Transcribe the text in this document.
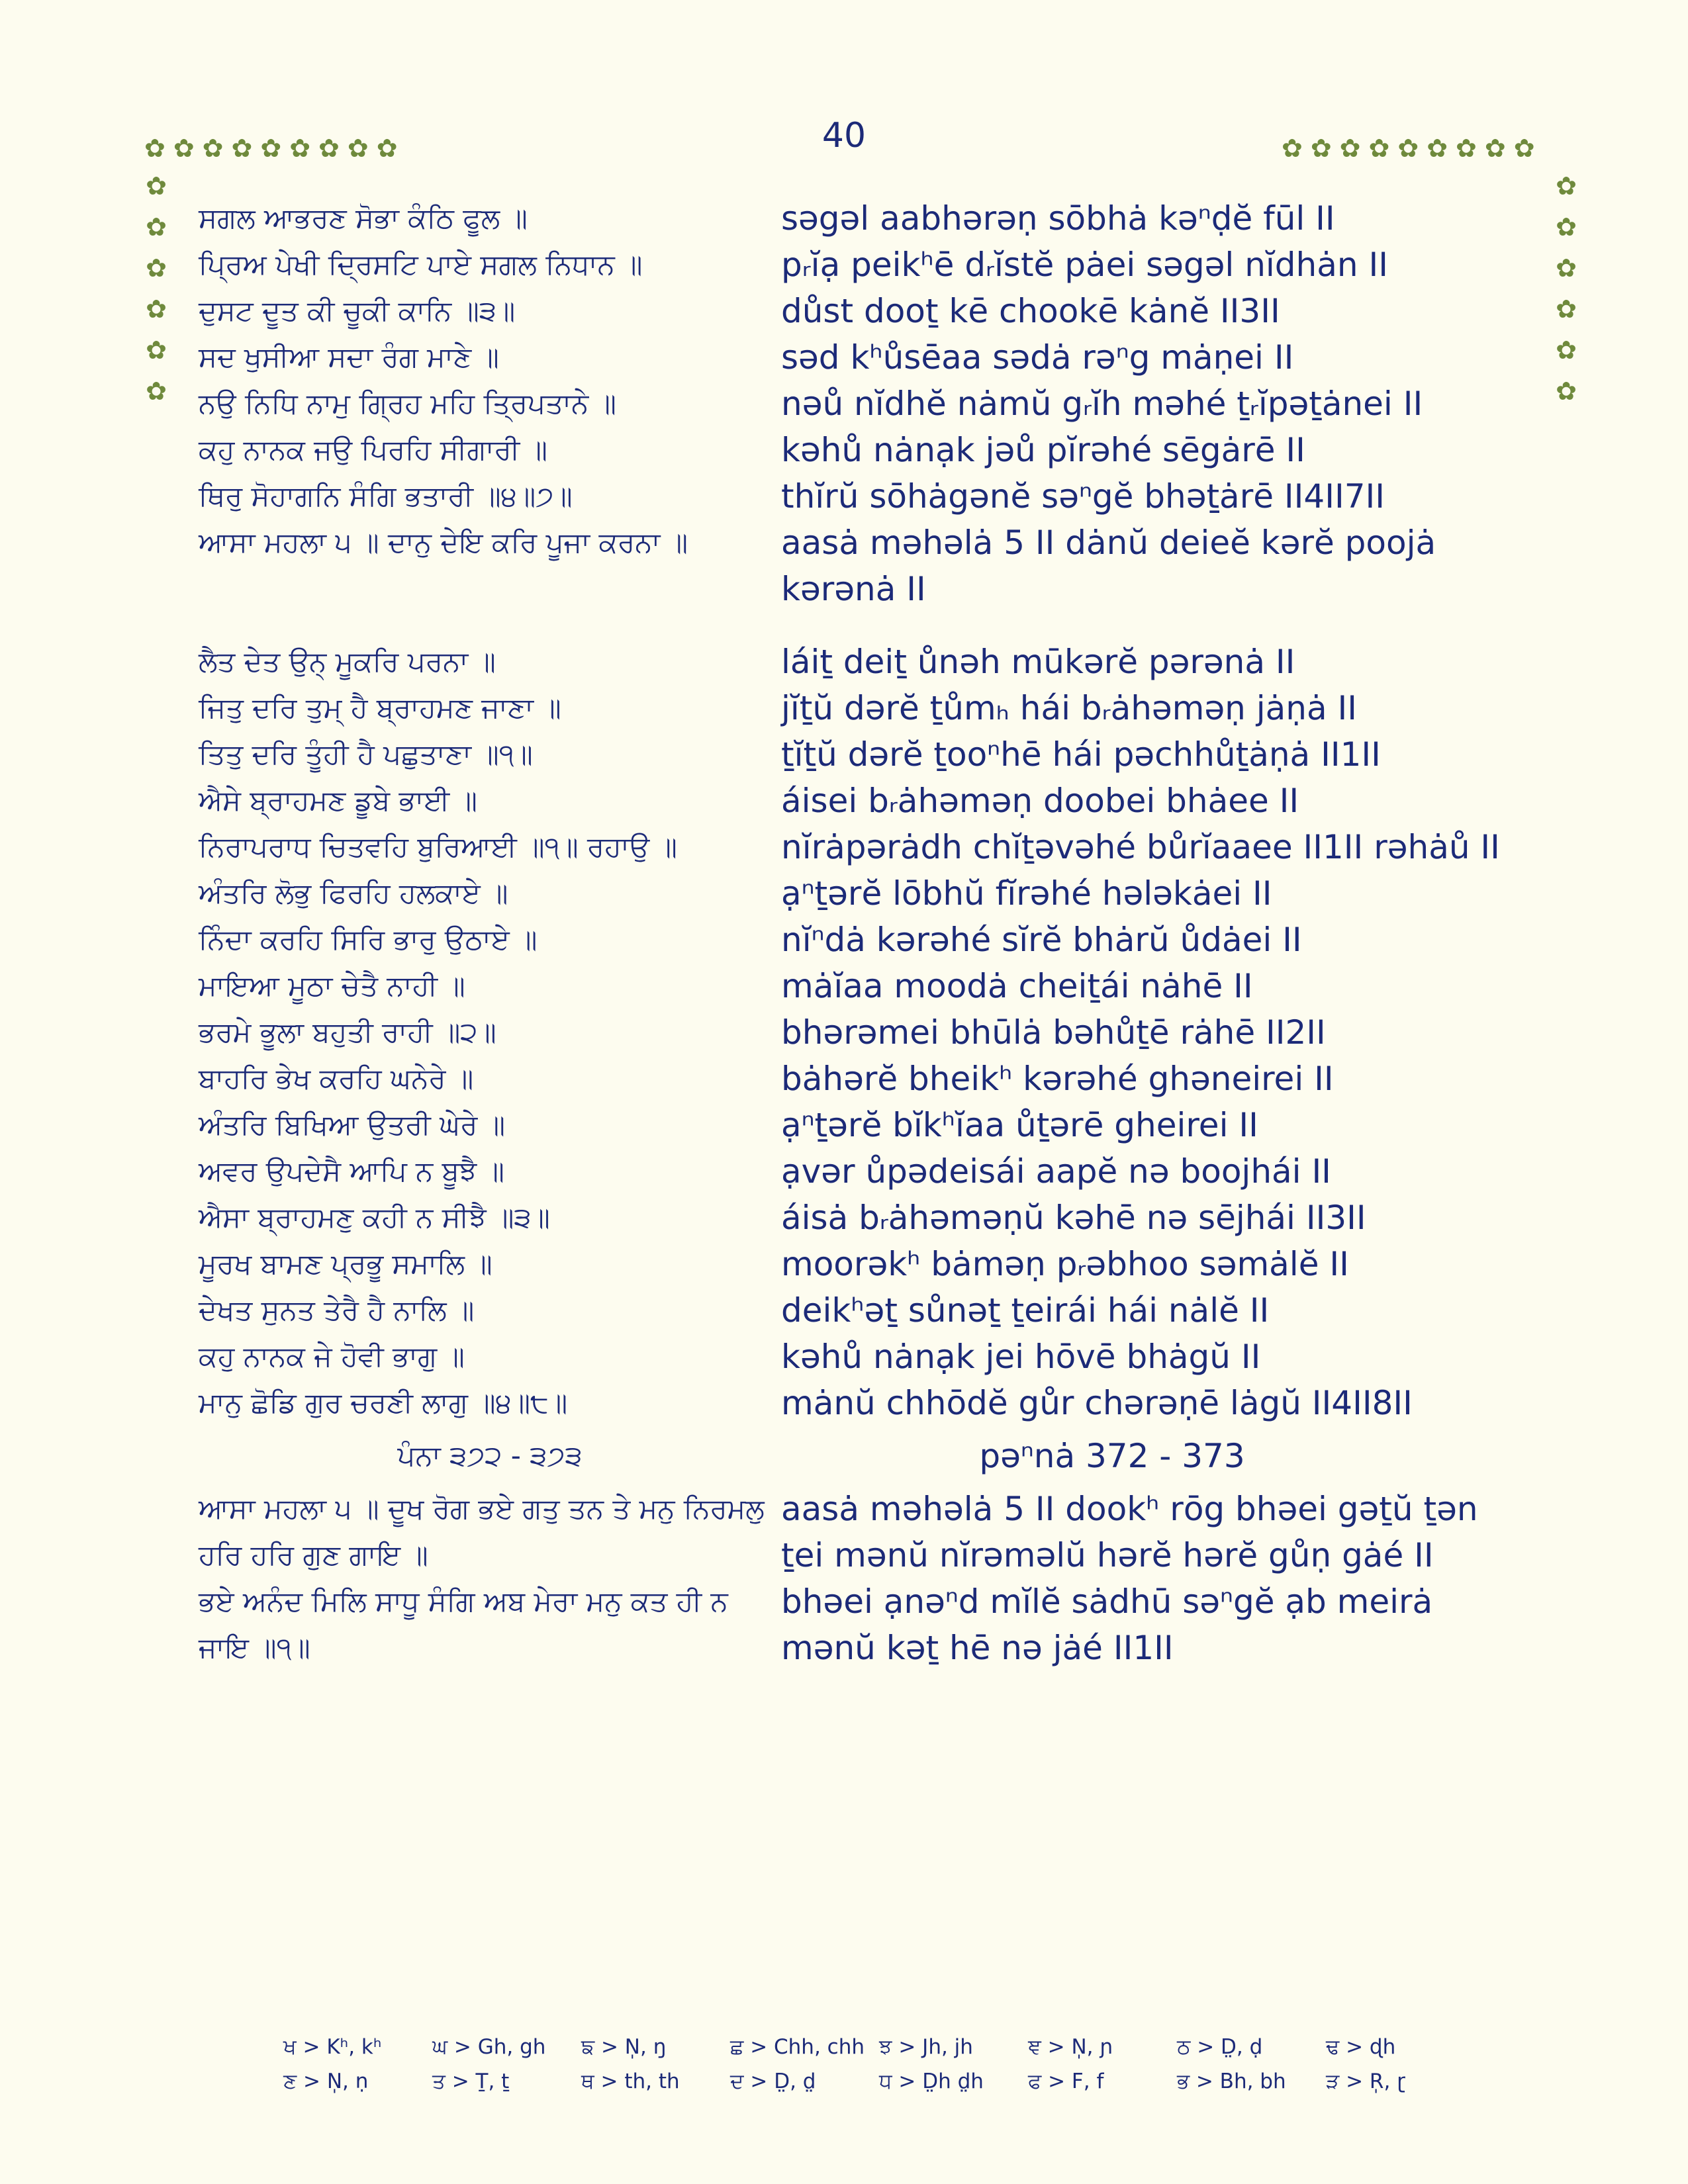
40
✿✿✿✿✿✿✿✿✿	✿✿✿✿✿✿✿✿✿
✿
✿
✿
✿
✿
✿
✿
✿
✿
✿
✿
✿
ਸਗਲ ਆਭਰਣ ਸੋਭਾ ਕੰਠਿ ਫੂਲ ॥	səgəl aabhərəṇ sōbhȧ kəⁿḍĕ fūl II
ਪ੍ਰਿਅ ਪੇਖੀ ਦ੍ਰਿਸਟਿ ਪਾਏ ਸਗਲ ਨਿਧਾਨ ॥	pᵣĭạ peikʰē dᵣĭstĕ pȧei səgəl nĭdhȧn II
ਦੁਸਟ ਦੂਤ ਕੀ ਚੂਕੀ ਕਾਨਿ ॥੩॥	důst dooṯ kē chookē kȧnĕ II3II
ਸਦ ਖੁਸੀਆ ਸਦਾ ਰੰਗ ਮਾਣੇ ॥	səd kʰůsēaa sədȧ rəⁿg mȧṇei II
ਨਉ ਨਿਧਿ ਨਾਮੁ ਗ੍ਰਿਹ ਮਹਿ ਤ੍ਰਿਪਤਾਨੇ ॥	nəů nĭdhĕ nȧmŭ gᵣĭh məhé ṯᵣĭpəṯȧnei II
ਕਹੁ ਨਾਨਕ ਜਉ ਪਿਰਹਿ ਸੀਗਾਰੀ ॥	kəhů nȧnạk jəů pĭrəhé sēgȧrē II
ਥਿਰੁ ਸੋਹਾਗਨਿ ਸੰਗਿ ਭਤਾਰੀ ॥੪॥੭॥	thĭrŭ sōhȧgənĕ səⁿgĕ bhəṯȧrē II4II7II
ਆਸਾ ਮਹਲਾ ੫ ॥ ਦਾਨੁ ਦੇਇ ਕਰਿ ਪੂਜਾ ਕਰਨਾ ॥	aasȧ məhəlȧ 5 II dȧnŭ deieĕ kərĕ poojȧ kərənȧ II
ਲੈਤ ਦੇਤ ਉਨ੍ ਮੂਕਰਿ ਪਰਨਾ ॥	láiṯ deiṯ ůnəh mūkərĕ pərənȧ II
ਜਿਤੁ ਦਰਿ ਤੁਮ੍ ਹੈ ਬ੍ਰਾਹਮਣ ਜਾਣਾ ॥	jĭṯŭ dərĕ ṯůmₕ hái bᵣȧhəməṇ jȧṇȧ II
ਤਿਤੁ ਦਰਿ ਤੂੰਹੀ ਹੈ ਪਛੁਤਾਣਾ ॥੧॥	ṯĭṯŭ dərĕ ṯooⁿhē hái pəchhůṯȧṇȧ II1II
ਐਸੇ ਬ੍ਰਾਹਮਣ ਡੂਬੇ ਭਾਈ ॥	áisei bᵣȧhəməṇ doobei bhȧee II
ਨਿਰਾਪਰਾਧ ਚਿਤਵਹਿ ਬੁਰਿਆਈ ॥੧॥ ਰਹਾਉ ॥	nĭrȧpərȧdh chĭṯəvəhé bůrĭaaee II1II rəhȧů II
ਅੰਤਰਿ ਲੋਭੁ ਫਿਰਹਿ ਹਲਕਾਏ ॥	ạⁿṯərĕ lōbhŭ fĭrəhé hələkȧei II
ਨਿੰਦਾ ਕਰਹਿ ਸਿਰਿ ਭਾਰੁ ਉਠਾਏ ॥	nĭⁿdȧ kərəhé sĭrĕ bhȧrŭ ůdȧei II
ਮਾਇਆ ਮੂਠਾ ਚੇਤੈ ਨਾਹੀ ॥	mȧĭaa moodȧ cheiṯái nȧhē II
ਭਰਮੇ ਭੂਲਾ ਬਹੁਤੀ ਰਾਹੀ ॥੨॥	bhərəmei bhūlȧ bəhůṯē rȧhē II2II
ਬਾਹਰਿ ਭੇਖ ਕਰਹਿ ਘਨੇਰੇ ॥	bȧhərĕ bheikʰ kərəhé ghəneirei II
ਅੰਤਰਿ ਬਿਖਿਆ ਉਤਰੀ ਘੇਰੇ ॥	ạⁿṯərĕ bĭkʰĭaa ůṯərē gheirei II
ਅਵਰ ਉਪਦੇਸੈ ਆਪਿ ਨ ਬੂਝੈ ॥	ạvər ůpədeisái aapĕ nə boojhái II
ਐਸਾ ਬ੍ਰਾਹਮਣੁ ਕਹੀ ਨ ਸੀਝੈ ॥੩॥	áisȧ bᵣȧhəməṇŭ kəhē nə sējhái II3II
ਮੂਰਖ ਬਾਮਣ ਪ੍ਰਭੂ ਸਮਾਲਿ ॥	moorəkʰ bȧməṇ pᵣəbhoo səmȧlĕ II
ਦੇਖਤ ਸੁਨਤ ਤੇਰੈ ਹੈ ਨਾਲਿ ॥	deikʰəṯ sůnəṯ ṯeirái hái nȧlĕ II
ਕਹੁ ਨਾਨਕ ਜੇ ਹੋਵੀ ਭਾਗੁ ॥	kəhů nȧnạk jei hōvē bhȧgŭ II
ਮਾਨੁ ਛੋਡਿ ਗੁਰ ਚਰਣੀ ਲਾਗੁ ॥੪॥੮॥	mȧnŭ chhōdĕ gůr chərəṇē lȧgŭ II4II8II
ਪੰਨਾ ੩੭੨ - ੩੭੩	pəⁿnȧ 372 - 373
ਆਸਾ ਮਹਲਾ ੫ ॥ ਦੂਖ ਰੋਗ ਭਏ ਗਤੁ ਤਨ ਤੇ ਮਨੁ ਨਿਰਮਲੁ ਹਰਿ ਹਰਿ ਗੁਣ ਗਾਇ ॥
aasȧ məhəlȧ 5 II dookʰ rōg bhəei gəṯŭ ṯən ṯei mənŭ nĭrəməlŭ hərĕ hərĕ gůṇ gȧé II
ਭਏ ਅਨੰਦ ਮਿਲਿ ਸਾਧੂ ਸੰਗਿ ਅਬ ਮੇਰਾ ਮਨੁ ਕਤ ਹੀ ਨ ਜਾਇ ॥੧॥
bhəei ạnəⁿd mĭlĕ sȧdhū səⁿgĕ ạb meirȧ mənŭ kəṯ hē nə jȧé II1II
ਖ > Kʰ, kʰ	ਘ > Gh, gh	ਙ > N̩, ŋ	ਛ > Chh, chh ਝ > Jh, jh	ਞ > N̩, ɲ	ਠ > D̤, ḍ	ਢ > ɖh
ਣ > N̩, ṇ	ਤ > Ṯ, ṯ	ਥ > th, th	ਦ > D̤, d̤	ਧ > D̤h d̤h	ਫ > F, f	ਭ > Bh, bh	ੜ > R̩, ɽ
